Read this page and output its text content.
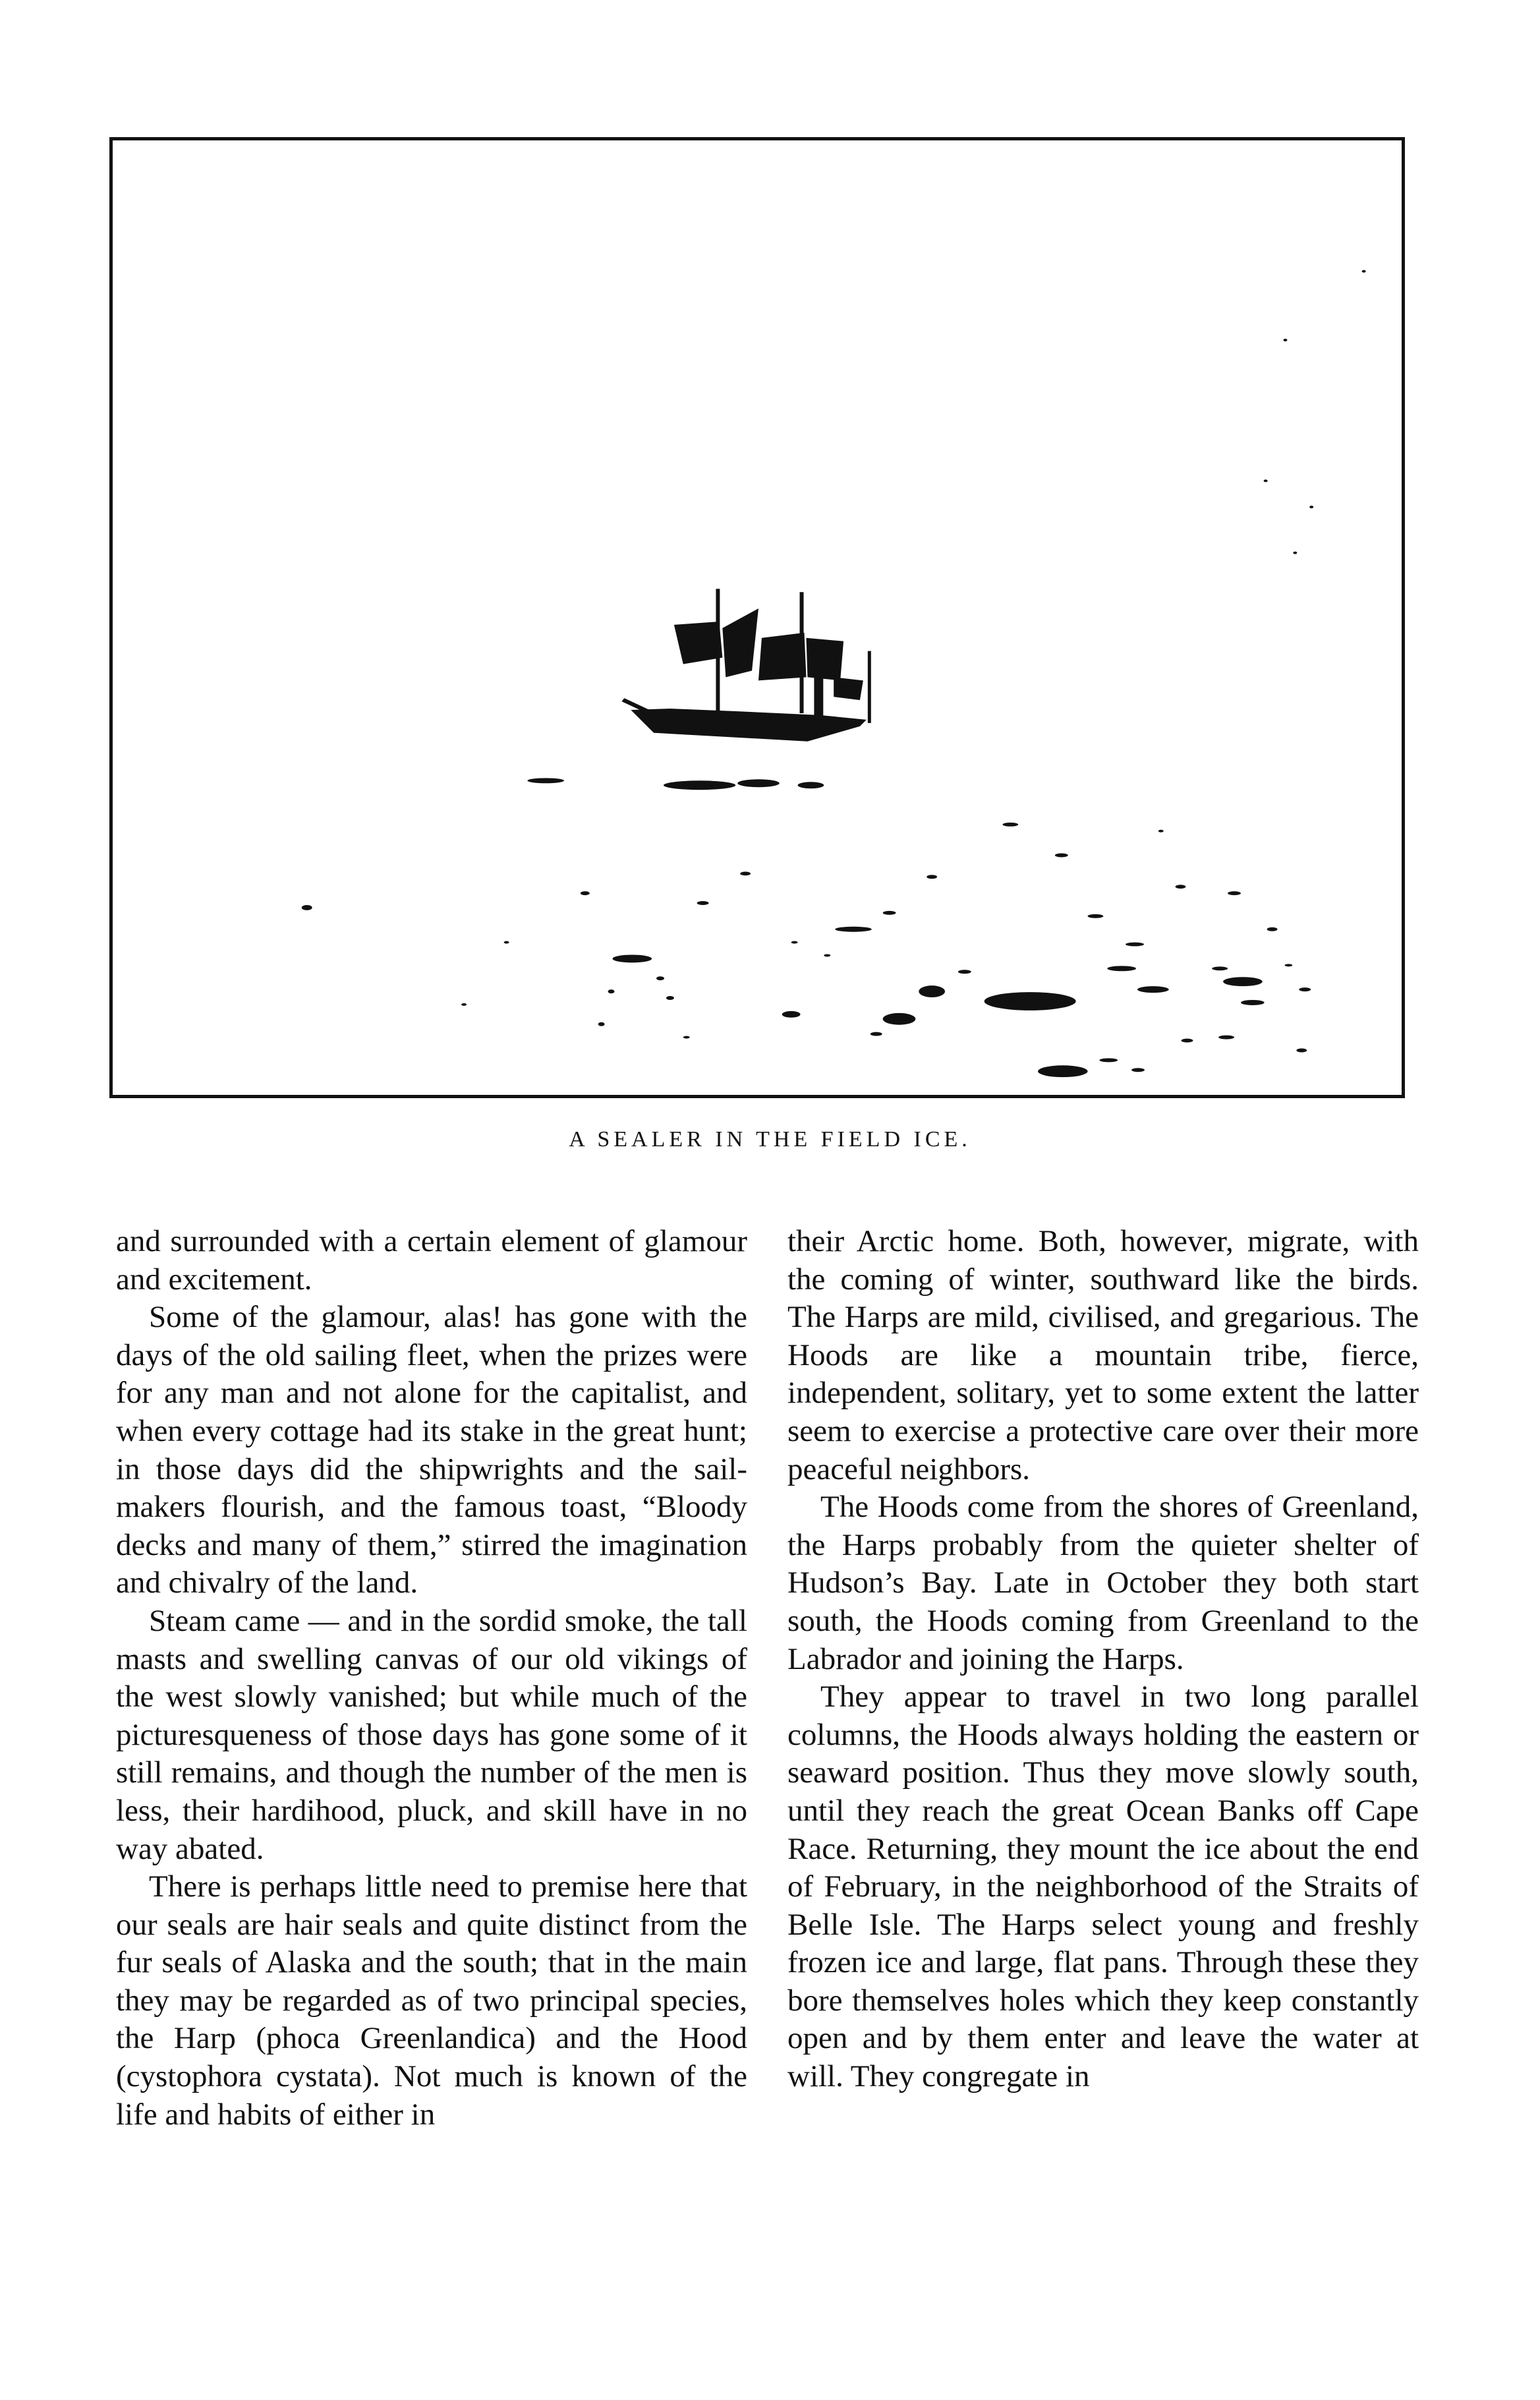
A SEALER IN THE FIELD ICE.

and surrounded with a certain element of glamour and excitement.

Some of the glamour, alas! has gone with the days of the old sailing fleet, when the prizes were for any man and not alone for the capitalist, and when every cottage had its stake in the great hunt; in those days did the shipwrights and the sail-makers flourish, and the famous toast, “Bloody decks and many of them,” stirred the imagination and chivalry of the land.

Steam came — and in the sordid smoke, the tall masts and swelling canvas of our old vikings of the west slowly vanished; but while much of the picturesqueness of those days has gone some of it still remains, and though the number of the men is less, their hardihood, pluck, and skill have in no way abated.

There is perhaps little need to premise here that our seals are hair seals and quite distinct from the fur seals of Alaska and the south; that in the main they may be regarded as of two principal species, the Harp (phoca Greenlandica) and the Hood (cystophora cystata). Not much is known of the life and habits of either in

their Arctic home. Both, however, migrate, with the coming of winter, southward like the birds. The Harps are mild, civilised, and gregarious. The Hoods are like a mountain tribe, fierce, independent, solitary, yet to some extent the latter seem to exercise a protective care over their more peaceful neighbors.

The Hoods come from the shores of Greenland, the Harps probably from the quieter shelter of Hudson’s Bay. Late in October they both start south, the Hoods coming from Greenland to the Labrador and joining the Harps.

They appear to travel in two long parallel columns, the Hoods always holding the eastern or seaward position. Thus they move slowly south, until they reach the great Ocean Banks off Cape Race. Returning, they mount the ice about the end of February, in the neighborhood of the Straits of Belle Isle. The Harps select young and freshly frozen ice and large, flat pans. Through these they bore themselves holes which they keep constantly open and by them enter and leave the water at will. They congregate in
